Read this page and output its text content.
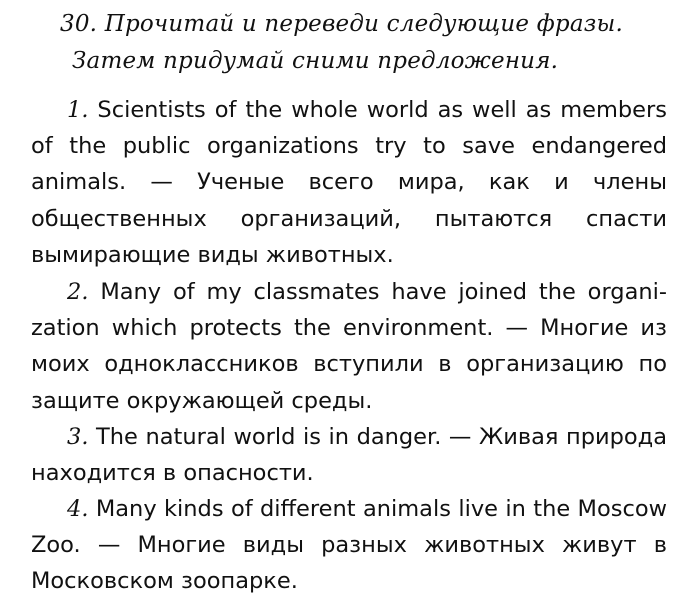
30. Прочитай и переведи следующие фразы.
Затем придумай сними предложения.
1. Scientists of the whole world as well as members of the public organizations try to save endangered animals. — Ученые всего мира, как и члены общественных организаций, пытаются спасти вымирающие виды животных.
2. Many of my classmates have joined the organization which protects the environment. — Многие из моих одноклассников вступили в организацию по защите окружающей среды.
3. The natural world is in danger. — Живая природа находится в опасности.
4. Many kinds of different animals live in the Moscow Zoo. — Многие виды разных животных живут в Московском зоопарке.
